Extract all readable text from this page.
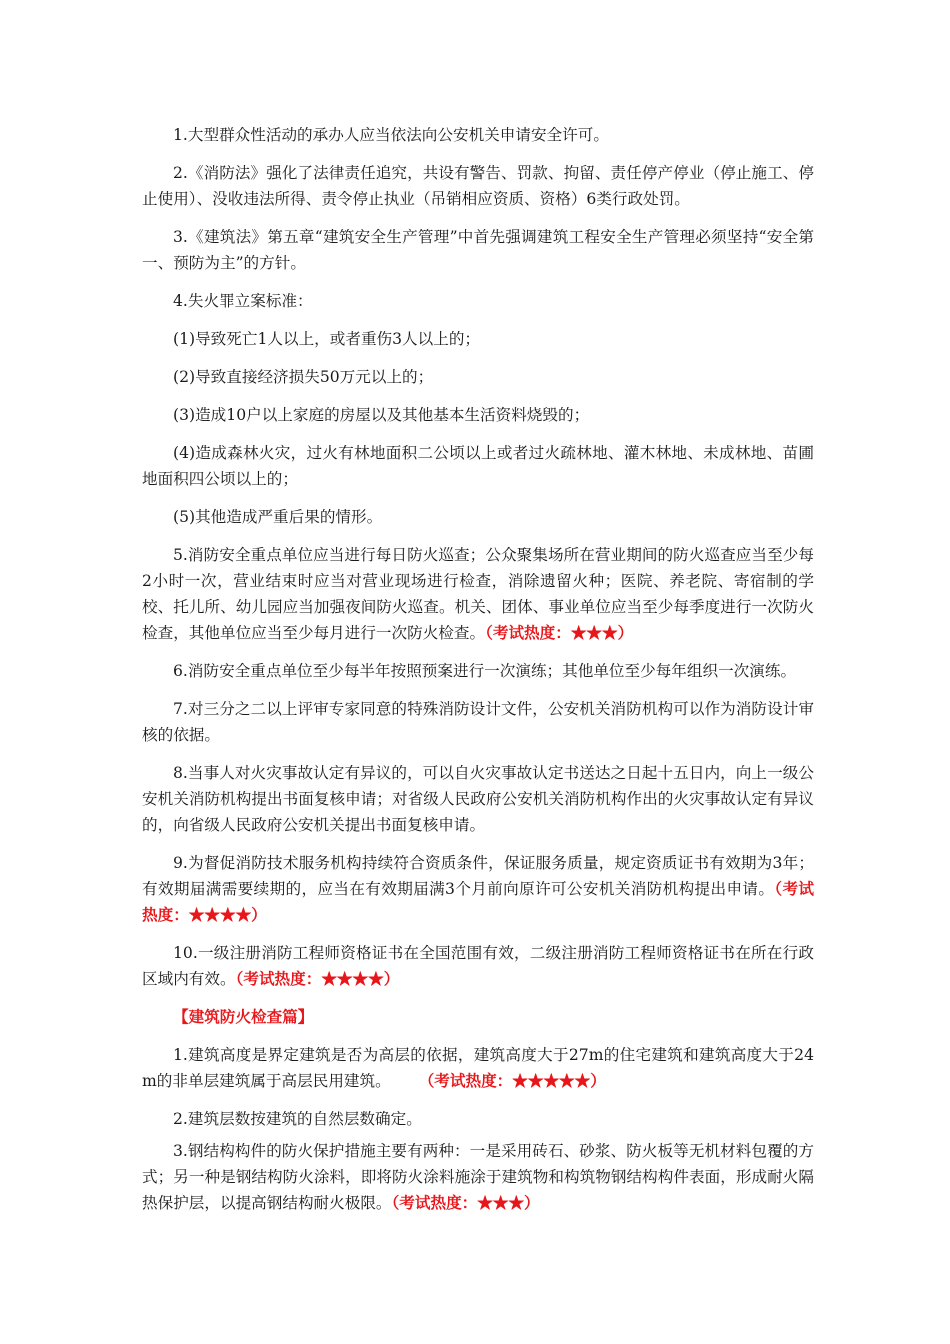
1.大型群众性活动的承办人应当依法向公安机关申请安全许可。

2.《消防法》强化了法律责任追究，共设有警告、罚款、拘留、责任停产停业（停止施工、停止使用）、没收违法所得、责令停止执业（吊销相应资质、资格）6类行政处罚。

3.《建筑法》第五章“建筑安全生产管理”中首先强调建筑工程安全生产管理必须坚持“安全第一、预防为主”的方针。

4.失火罪立案标准：

(1)导致死亡1人以上，或者重伤3人以上的；

(2)导致直接经济损失50万元以上的；

(3)造成10户以上家庭的房屋以及其他基本生活资料烧毁的；

(4)造成森林火灾，过火有林地面积二公顷以上或者过火疏林地、灌木林地、未成林地、苗圃地面积四公顷以上的；

(5)其他造成严重后果的情形。

5.消防安全重点单位应当进行每日防火巡查；公众聚集场所在营业期间的防火巡查应当至少每2小时一次，营业结束时应当对营业现场进行检查，消除遗留火种；医院、养老院、寄宿制的学校、托儿所、幼儿园应当加强夜间防火巡查。机关、团体、事业单位应当至少每季度进行一次防火检查，其他单位应当至少每月进行一次防火检查。（考试热度：★★★）

6.消防安全重点单位至少每半年按照预案进行一次演练；其他单位至少每年组织一次演练。

7.对三分之二以上评审专家同意的特殊消防设计文件，公安机关消防机构可以作为消防设计审核的依据。

8.当事人对火灾事故认定有异议的，可以自火灾事故认定书送达之日起十五日内，向上一级公安机关消防机构提出书面复核申请；对省级人民政府公安机关消防机构作出的火灾事故认定有异议的，向省级人民政府公安机关提出书面复核申请。

9.为督促消防技术服务机构持续符合资质条件，保证服务质量，规定资质证书有效期为3年；有效期届满需要续期的，应当在有效期届满3个月前向原许可公安机关消防机构提出申请。（考试热度：★★★★）

10.一级注册消防工程师资格证书在全国范围有效，二级注册消防工程师资格证书在所在行政区域内有效。（考试热度：★★★★）

【建筑防火检查篇】

1.建筑高度是界定建筑是否为高层的依据，建筑高度大于27m的住宅建筑和建筑高度大于24m的非单层建筑属于高层民用建筑。 （考试热度：★★★★★）

2.建筑层数按建筑的自然层数确定。

3.钢结构构件的防火保护措施主要有两种：一是采用砖石、砂浆、防火板等无机材料包覆的方式；另一种是钢结构防火涂料，即将防火涂料施涂于建筑物和构筑物钢结构构件表面，形成耐火隔热保护层，以提高钢结构耐火极限。（考试热度：★★★）
